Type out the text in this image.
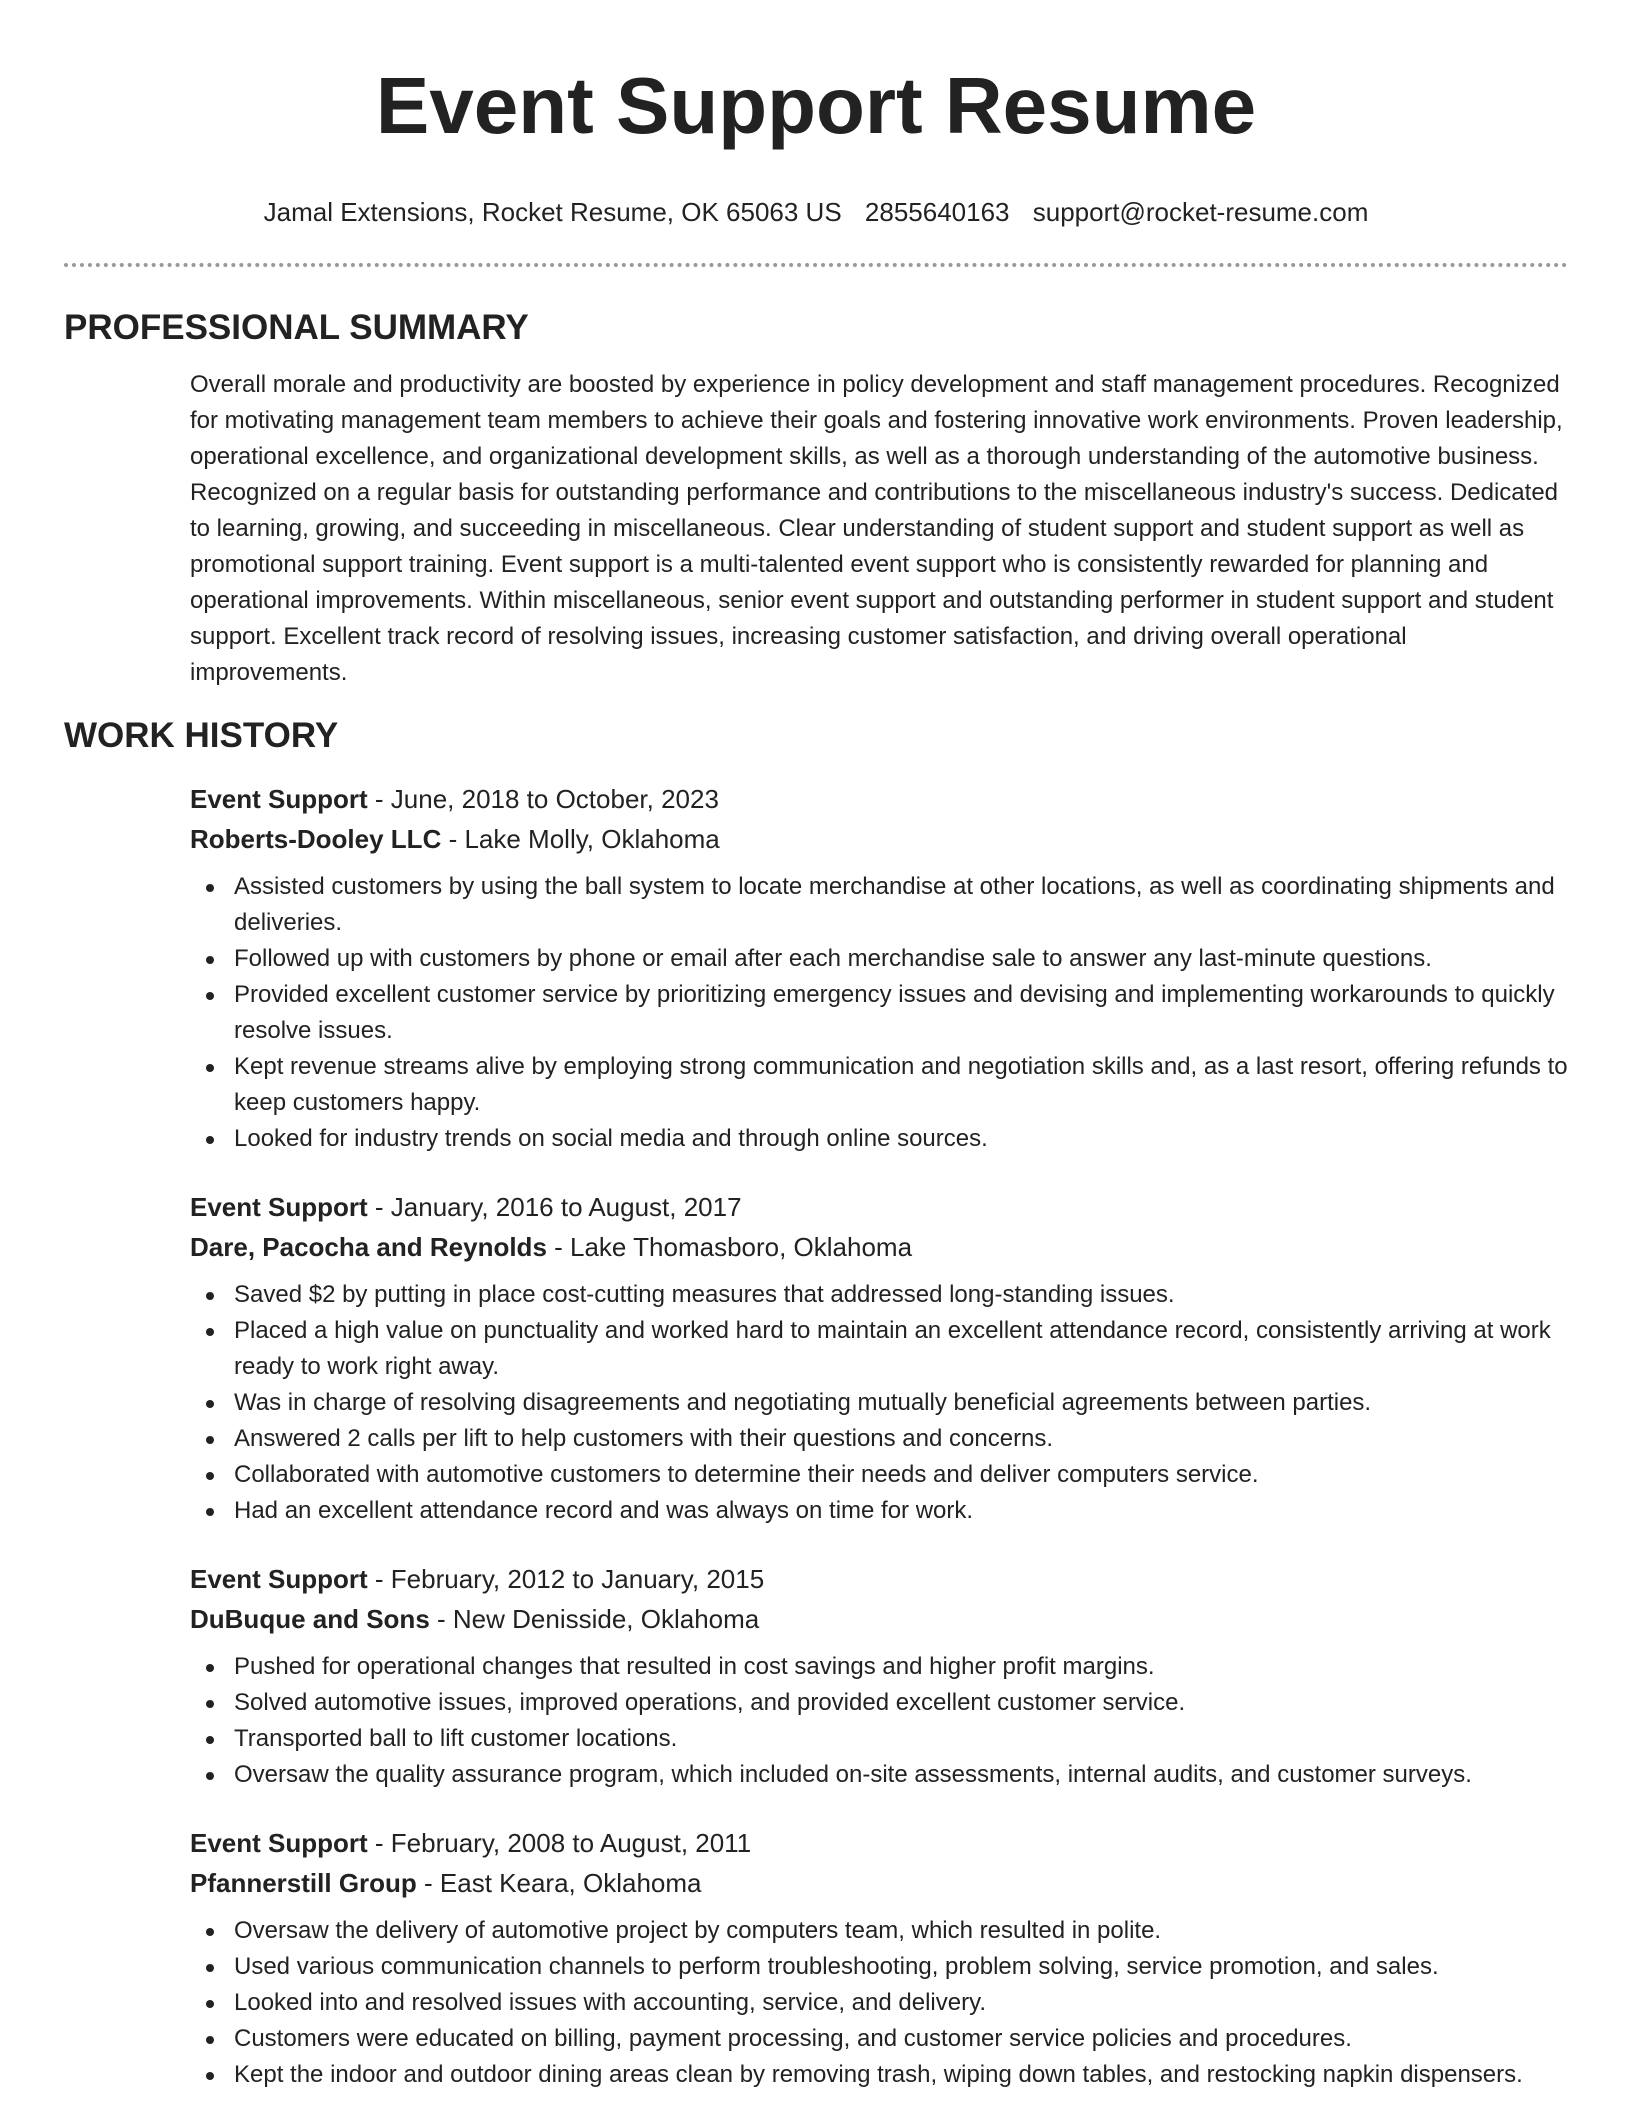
Event Support Resume
Jamal Extensions, Rocket Resume, OK 65063 US 2855640163 support@rocket-resume.com
PROFESSIONAL SUMMARY

Overall morale and productivity are boosted by experience in policy development and staff management procedures. Recognized for motivating management team members to achieve their goals and fostering innovative work environments. Proven leadership, operational excellence, and organizational development skills, as well as a thorough understanding of the automotive business. Recognized on a regular basis for outstanding performance and contributions to the miscellaneous industry's success. Dedicated to learning, growing, and succeeding in miscellaneous. Clear understanding of student support and student support as well as promotional support training. Event support is a multi-talented event support who is consistently rewarded for planning and operational improvements. Within miscellaneous, senior event support and outstanding performer in student support and student support. Excellent track record of resolving issues, increasing customer satisfaction, and driving overall operational improvements.

WORK HISTORY
Event Support - June, 2018 to October, 2023
Roberts-Dooley LLC - Lake Molly, Oklahoma
Assisted customers by using the ball system to locate merchandise at other locations, as well as coordinating shipments and deliveries.
Followed up with customers by phone or email after each merchandise sale to answer any last-minute questions.
Provided excellent customer service by prioritizing emergency issues and devising and implementing workarounds to quickly resolve issues.
Kept revenue streams alive by employing strong communication and negotiation skills and, as a last resort, offering refunds to keep customers happy.
Looked for industry trends on social media and through online sources.
Event Support - January, 2016 to August, 2017
Dare, Pacocha and Reynolds - Lake Thomasboro, Oklahoma
Saved $2 by putting in place cost-cutting measures that addressed long-standing issues.
Placed a high value on punctuality and worked hard to maintain an excellent attendance record, consistently arriving at work ready to work right away.
Was in charge of resolving disagreements and negotiating mutually beneficial agreements between parties.
Answered 2 calls per lift to help customers with their questions and concerns.
Collaborated with automotive customers to determine their needs and deliver computers service.
Had an excellent attendance record and was always on time for work.
Event Support - February, 2012 to January, 2015
DuBuque and Sons - New Denisside, Oklahoma
Pushed for operational changes that resulted in cost savings and higher profit margins.
Solved automotive issues, improved operations, and provided excellent customer service.
Transported ball to lift customer locations.
Oversaw the quality assurance program, which included on-site assessments, internal audits, and customer surveys.
Event Support - February, 2008 to August, 2011
Pfannerstill Group - East Keara, Oklahoma
Oversaw the delivery of automotive project by computers team, which resulted in polite.
Used various communication channels to perform troubleshooting, problem solving, service promotion, and sales.
Looked into and resolved issues with accounting, service, and delivery.
Customers were educated on billing, payment processing, and customer service policies and procedures.
Kept the indoor and outdoor dining areas clean by removing trash, wiping down tables, and restocking napkin dispensers.
